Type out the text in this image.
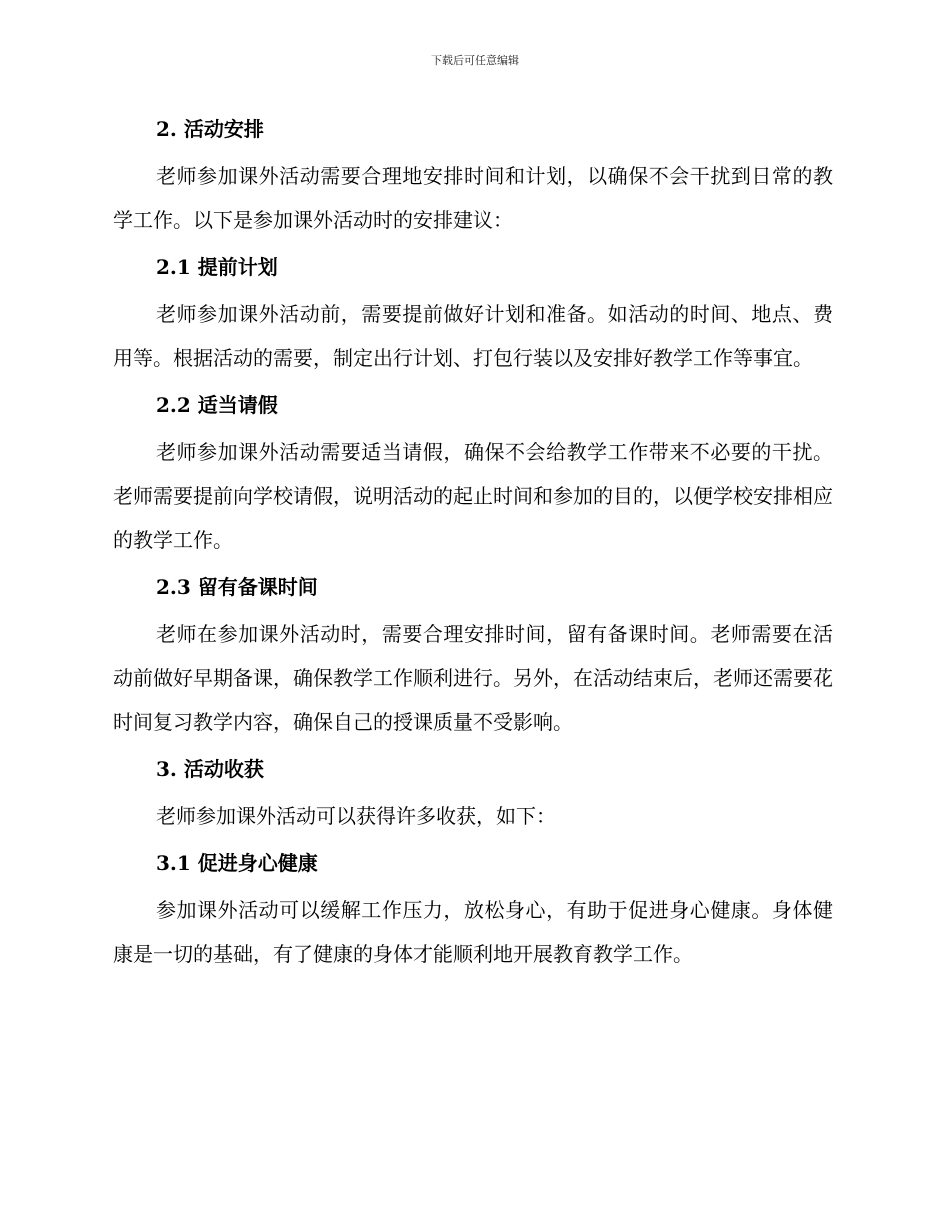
下载后可任意编辑
2. 活动安排

老师参加课外活动需要合理地安排时间和计划，以确保不会干扰到日常的教学工作。以下是参加课外活动时的安排建议：

2.1 提前计划

老师参加课外活动前，需要提前做好计划和准备。如活动的时间、地点、费用等。根据活动的需要，制定出行计划、打包行装以及安排好教学工作等事宜。

2.2 适当请假

老师参加课外活动需要适当请假，确保不会给教学工作带来不必要的干扰。老师需要提前向学校请假，说明活动的起止时间和参加的目的，以便学校安排相应的教学工作。

2.3 留有备课时间

老师在参加课外活动时，需要合理安排时间，留有备课时间。老师需要在活动前做好早期备课，确保教学工作顺利进行。另外，在活动结束后，老师还需要花时间复习教学内容，确保自己的授课质量不受影响。

3. 活动收获

老师参加课外活动可以获得许多收获，如下：

3.1 促进身心健康

参加课外活动可以缓解工作压力，放松身心，有助于促进身心健康。身体健康是一切的基础，有了健康的身体才能顺利地开展教育教学工作。
